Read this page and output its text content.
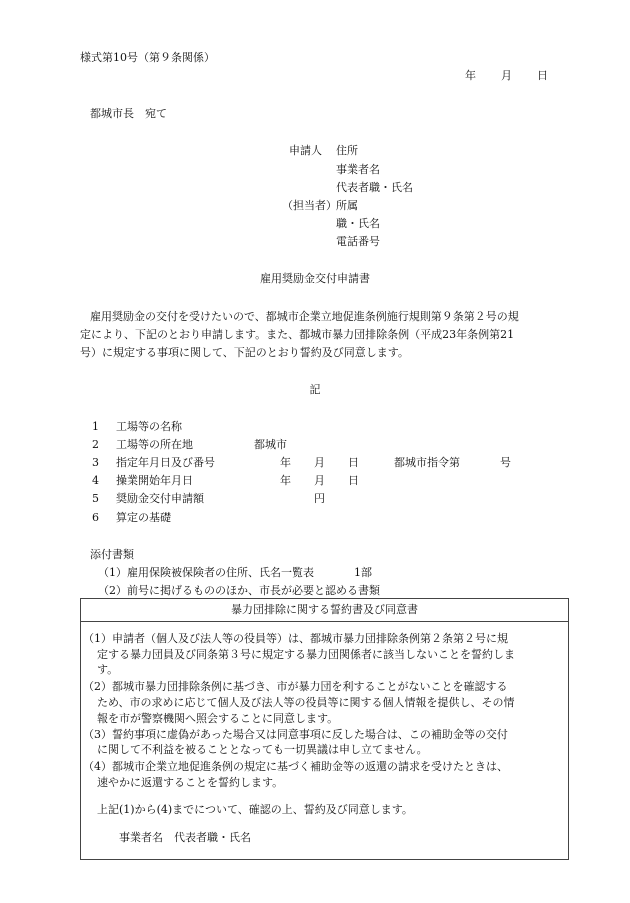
様式第10号（第９条関係）
年 月 日
都城市長　宛て
申請人 住所
事業者名
代表者職・氏名
（担当者） 所属
職・氏名
電話番号
雇用奨励金交付申請書
雇用奨励金の交付を受けたいので、都城市企業立地促進条例施行規則第９条第２号の規
定により、下記のとおり申請します。また、都城市暴力団排除条例（平成23年条例第21
号）に規定する事項に関して、下記のとおり誓約及び同意します。
記
1 工場等の名称
2 工場等の所在地	都城市
3 指定年月日及び番号	年 月 日	都城市指令第	号
4 操業開始年月日	年 月 日
5 奨励金交付申請額	円
6 算定の基礎
添付書類
（1）雇用保険被保険者の住所、氏名一覧表	1部
（2）前号に掲げるもののほか、市長が必要と認める書類
暴力団排除に関する誓約書及び同意書
（1）申請者（個人及び法人等の役員等）は、都城市暴力団排除条例第２条第２号に規
定する暴力団員及び同条第３号に規定する暴力団関係者に該当しないことを誓約しま
す。
（2）都城市暴力団排除条例に基づき、市が暴力団を利することがないことを確認する
ため、市の求めに応じて個人及び法人等の役員等に関する個人情報を提供し、その情
報を市が警察機関へ照会することに同意します。
（3）誓約事項に虚偽があった場合又は同意事項に反した場合は、この補助金等の交付
に関して不利益を被ることとなっても一切異議は申し立てません。
（4）都城市企業立地促進条例の規定に基づく補助金等の返還の請求を受けたときは、
速やかに返還することを誓約します。
上記(1)から(4)までについて、確認の上、誓約及び同意します。
事業者名　代表者職・氏名
